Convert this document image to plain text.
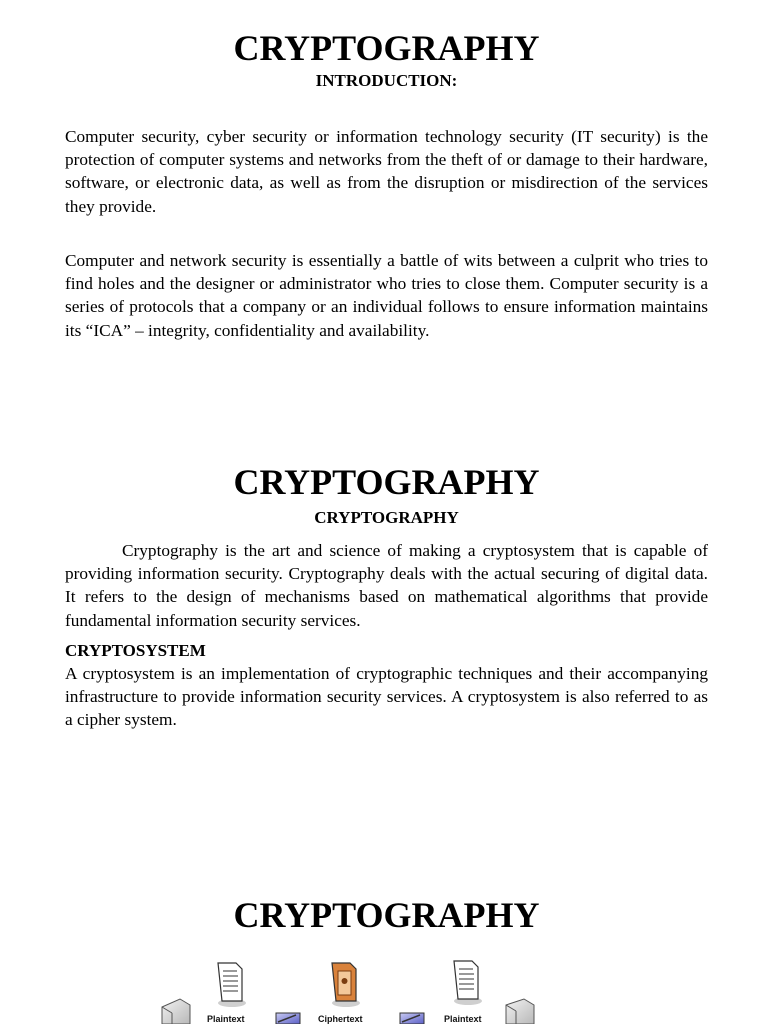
CRYPTOGRAPHY
INTRODUCTION:

Computer security, cyber security or information technology security (IT security) is the protection of computer systems and networks from the theft of or damage to their hardware, software, or electronic data, as well as from the disruption or misdirection of the services they provide.

Computer and network security is essentially a battle of wits between a culprit who tries to find holes and the designer or administrator who tries to close them. Computer security is a series of protocols that a company or an individual follows to ensure information maintains its “ICA” – integrity, confidentiality and availability.

CRYPTOGRAPHY
CRYPTOGRAPHY

Cryptography is the art and science of making a cryptosystem that is capable of providing information security. Cryptography deals with the actual securing of digital data. It refers to the design of mechanisms based on mathematical algorithms that provide fundamental information security services.

CRYPTOSYSTEM

A cryptosystem is an implementation of cryptographic techniques and their accompanying infrastructure to provide information security services. A cryptosystem is also referred to as a cipher system.

CRYPTOGRAPHY
Plaintext	Ciphertext	Plaintext
